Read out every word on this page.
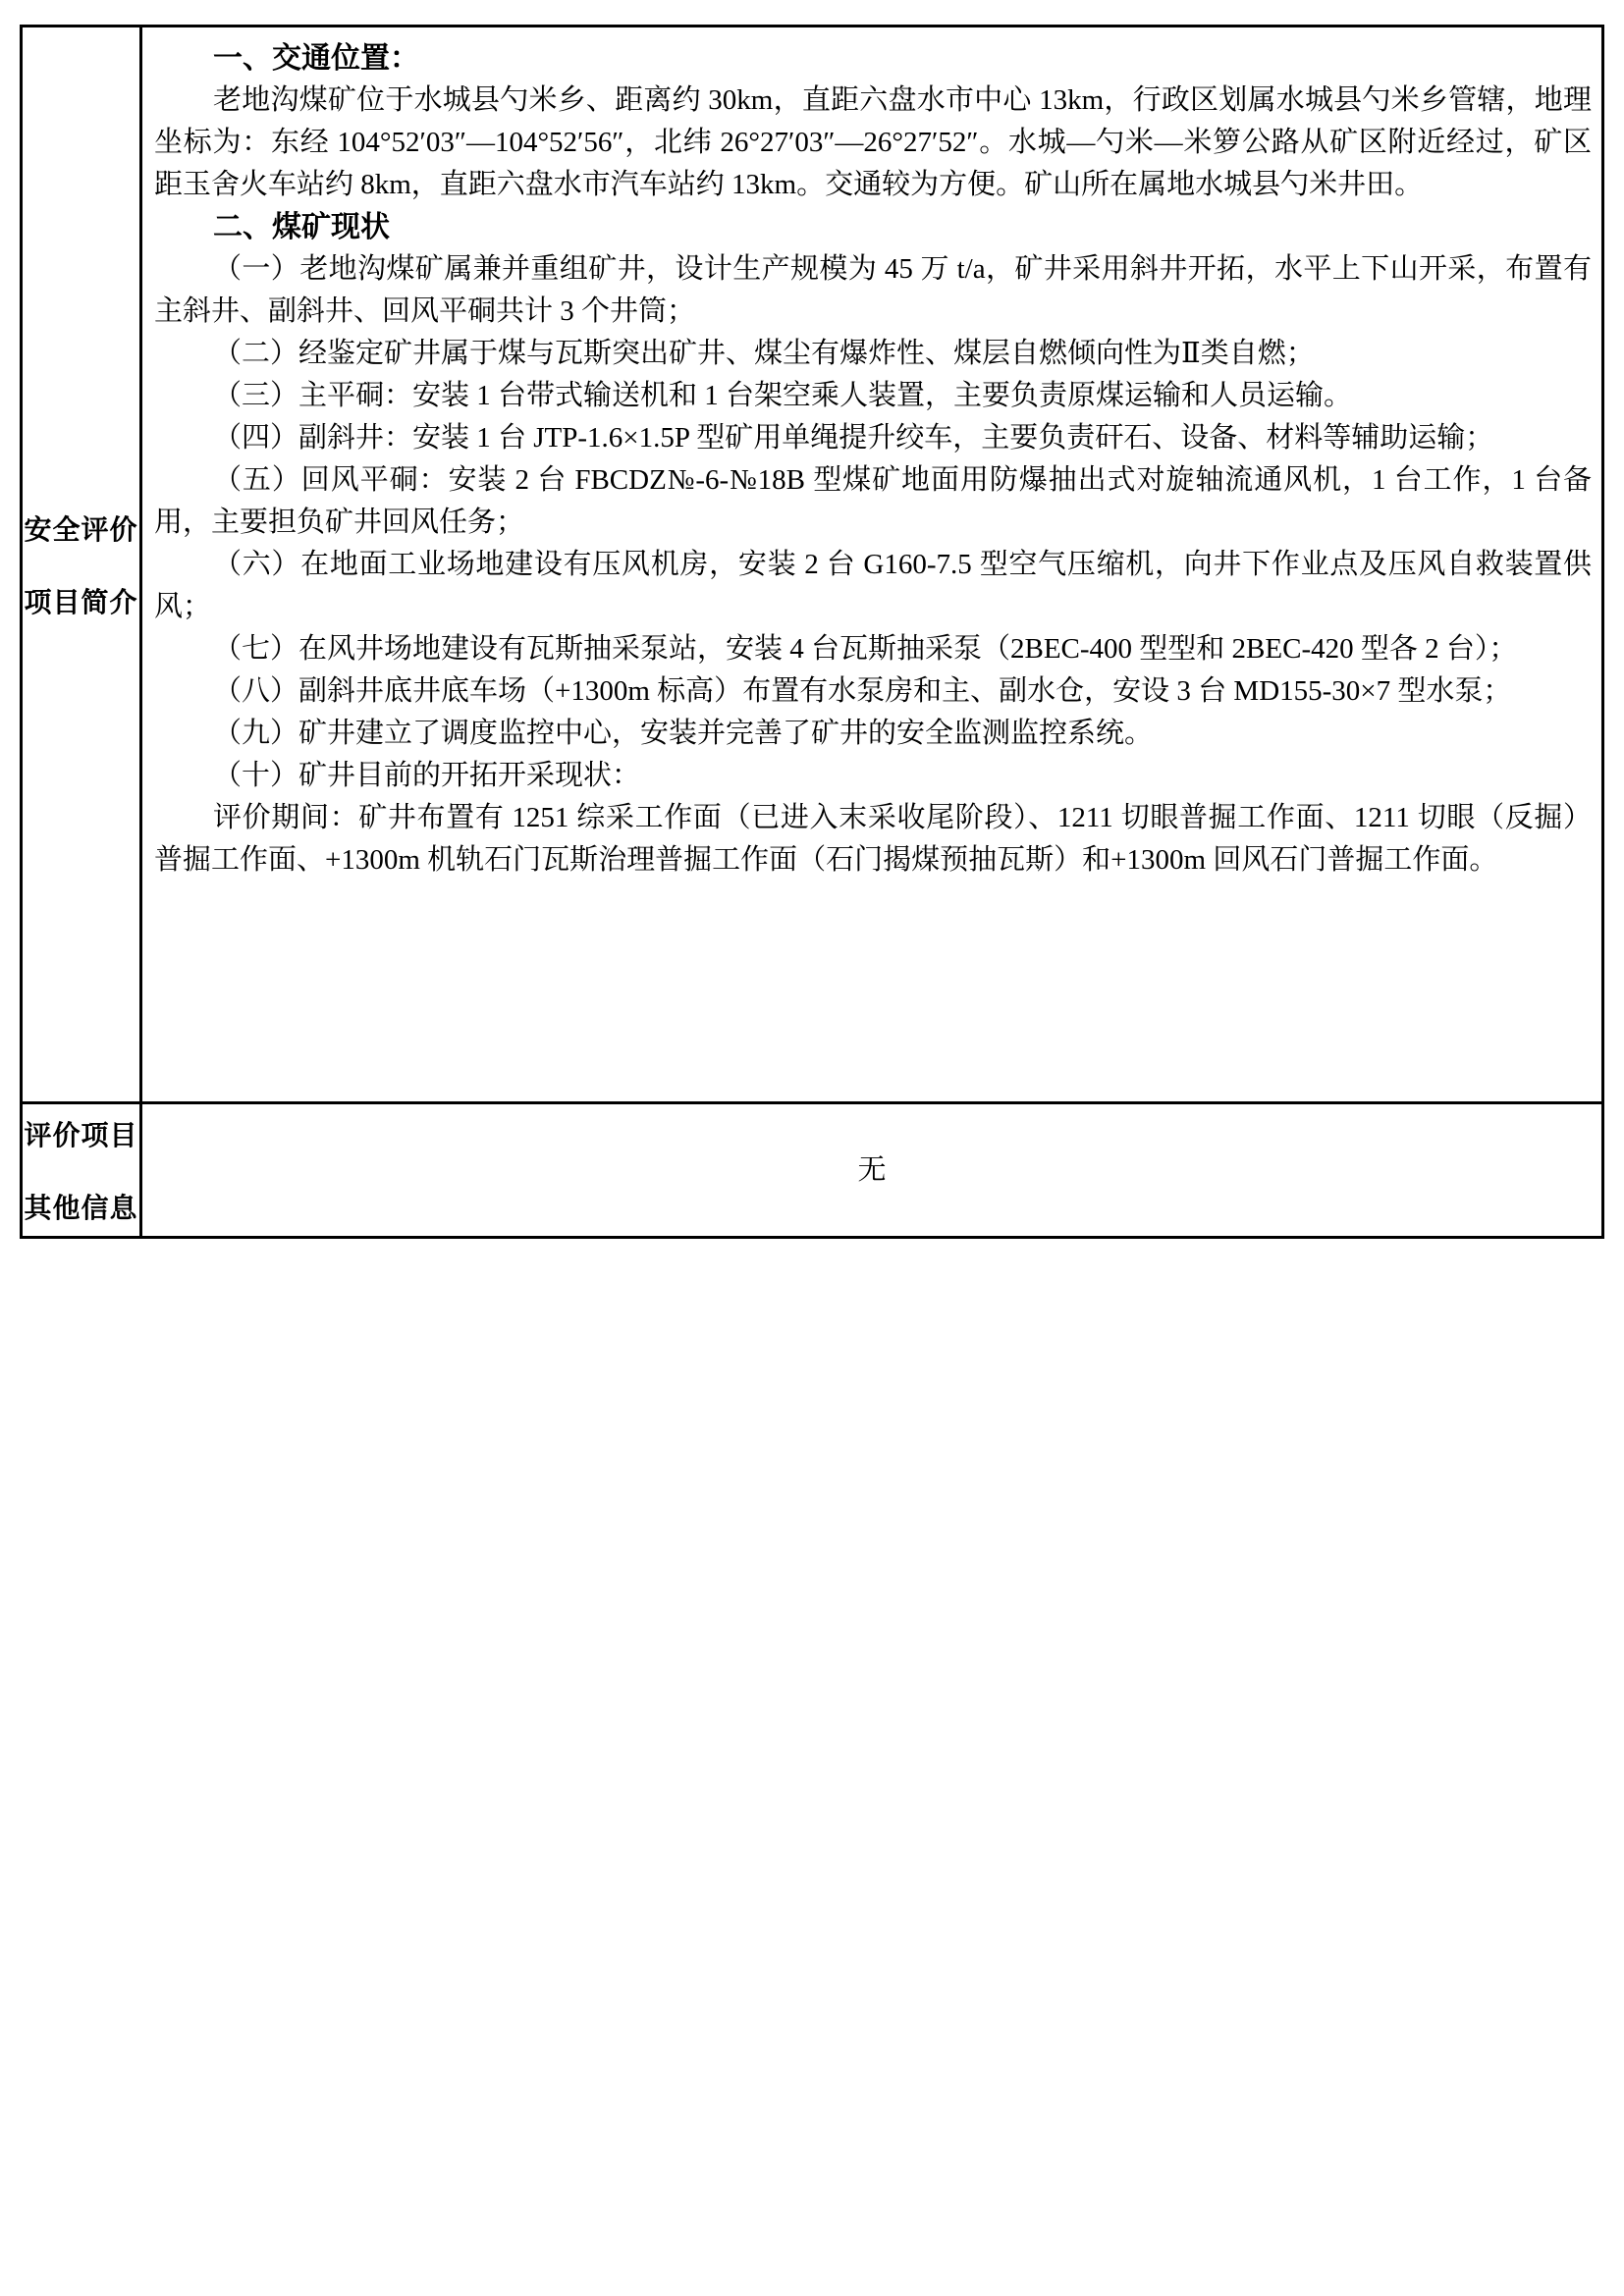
安全评价
项目简介

一、交通位置：

老地沟煤矿位于水城县勺米乡、距离约 30km，直距六盘水市中心 13km，行政区划属水城县勺米乡管辖，地理坐标为：东经 104°52′03″—104°52′56″，北纬 26°27′03″—26°27′52″。水城—勺米—米箩公路从矿区附近经过，矿区距玉舍火车站约 8km，直距六盘水市汽车站约 13km。交通较为方便。矿山所在属地水城县勺米井田。

二、煤矿现状

（一）老地沟煤矿属兼并重组矿井，设计生产规模为 45 万 t/a，矿井采用斜井开拓，水平上下山开采，布置有主斜井、副斜井、回风平硐共计 3 个井筒；

（二）经鉴定矿井属于煤与瓦斯突出矿井、煤尘有爆炸性、煤层自燃倾向性为Ⅱ类自燃；

（三）主平硐：安装 1 台带式输送机和 1 台架空乘人装置，主要负责原煤运输和人员运输。

（四）副斜井：安装 1 台 JTP-1.6×1.5P 型矿用单绳提升绞车，主要负责矸石、设备、材料等辅助运输；

（五）回风平硐：安装 2 台 FBCDZ№-6-№18B 型煤矿地面用防爆抽出式对旋轴流通风机，1 台工作，1 台备用，主要担负矿井回风任务；

（六）在地面工业场地建设有压风机房，安装 2 台 G160-7.5 型空气压缩机，向井下作业点及压风自救装置供风；

（七）在风井场地建设有瓦斯抽采泵站，安装 4 台瓦斯抽采泵（2BEC-400 型型和 2BEC-420 型各 2 台）；

（八）副斜井底井底车场（+1300m 标高）布置有水泵房和主、副水仓，安设 3 台 MD155-30×7 型水泵；

（九）矿井建立了调度监控中心，安装并完善了矿井的安全监测监控系统。

（十）矿井目前的开拓开采现状：

评价期间：矿井布置有 1251 综采工作面（已进入末采收尾阶段）、1211 切眼普掘工作面、1211 切眼（反掘）普掘工作面、+1300m 机轨石门瓦斯治理普掘工作面（石门揭煤预抽瓦斯）和+1300m 回风石门普掘工作面。

评价项目
其他信息
无
